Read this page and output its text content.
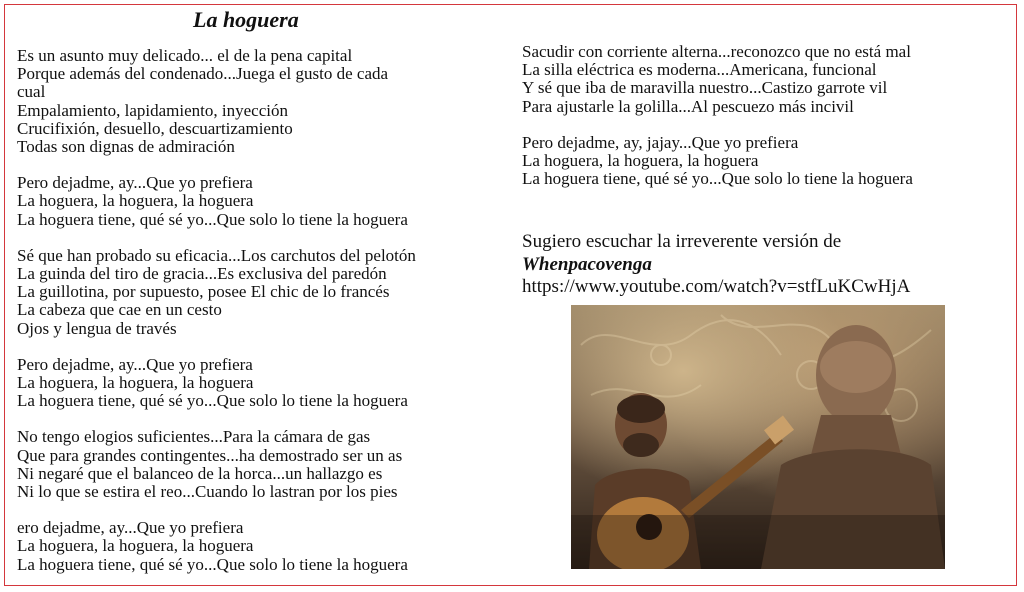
La hoguera
Es un asunto muy delicado... el de la pena capital
Porque además del condenado...Juega el gusto de cada
cual
Empalamiento, lapidamiento, inyección
Crucifixión, desuello, descuartizamiento
Todas son dignas de admiración
Pero dejadme, ay...Que yo prefiera
La hoguera, la hoguera, la hoguera
La hoguera tiene, qué sé yo...Que solo lo tiene la hoguera
Sé que han probado su eficacia...Los carchutos del pelotón
La guinda del tiro de gracia...Es exclusiva del paredón
La guillotina, por supuesto, posee El chic de lo francés
La cabeza que cae en un cesto
Ojos y lengua de través
Pero dejadme, ay...Que yo prefiera
La hoguera, la hoguera, la hoguera
La hoguera tiene, qué sé yo...Que solo lo tiene la hoguera
No tengo elogios suficientes...Para la cámara de gas
Que para grandes contingentes...ha demostrado ser un as
Ni negaré que el balanceo de la horca...un hallazgo es
Ni lo que se estira el reo...Cuando lo lastran por los pies
ero dejadme, ay...Que yo prefiera
La hoguera, la hoguera, la hoguera
La hoguera tiene, qué sé yo...Que solo lo tiene la hoguera
Sacudir con corriente alterna...reconozco que no está mal
La silla eléctrica es moderna...Americana, funcional
Y sé que iba de maravilla nuestro...Castizo garrote vil
Para ajustarle la golilla...Al pescuezo más incivil
Pero dejadme, ay, jajay...Que yo prefiera
La hoguera, la hoguera, la hoguera
La hoguera tiene, qué sé yo...Que solo lo tiene la hoguera
Sugiero escuchar la irreverente versión de
Whenpacovenga
https://www.youtube.com/watch?v=stfLuKCwHjA
